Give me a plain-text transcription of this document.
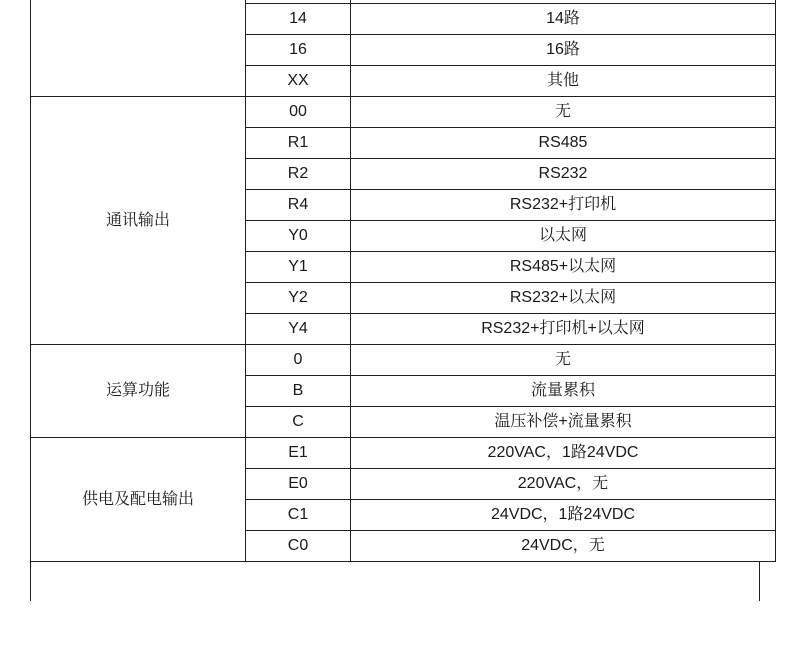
	14	14路
	16	16路
	XX	其他
通讯输出	00	无
	R1	RS485
	R2	RS232
	R4	RS232+打印机
	Y0	以太网
	Y1	RS485+以太网
	Y2	RS232+以太网
	Y4	RS232+打印机+以太网
运算功能	0	无
	B	流量累积
	C	温压补偿+流量累积
供电及配电输出	E1	220VAC，1路24VDC
	E0	220VAC，无
	C1	24VDC，1路24VDC
	C0	24VDC，无
